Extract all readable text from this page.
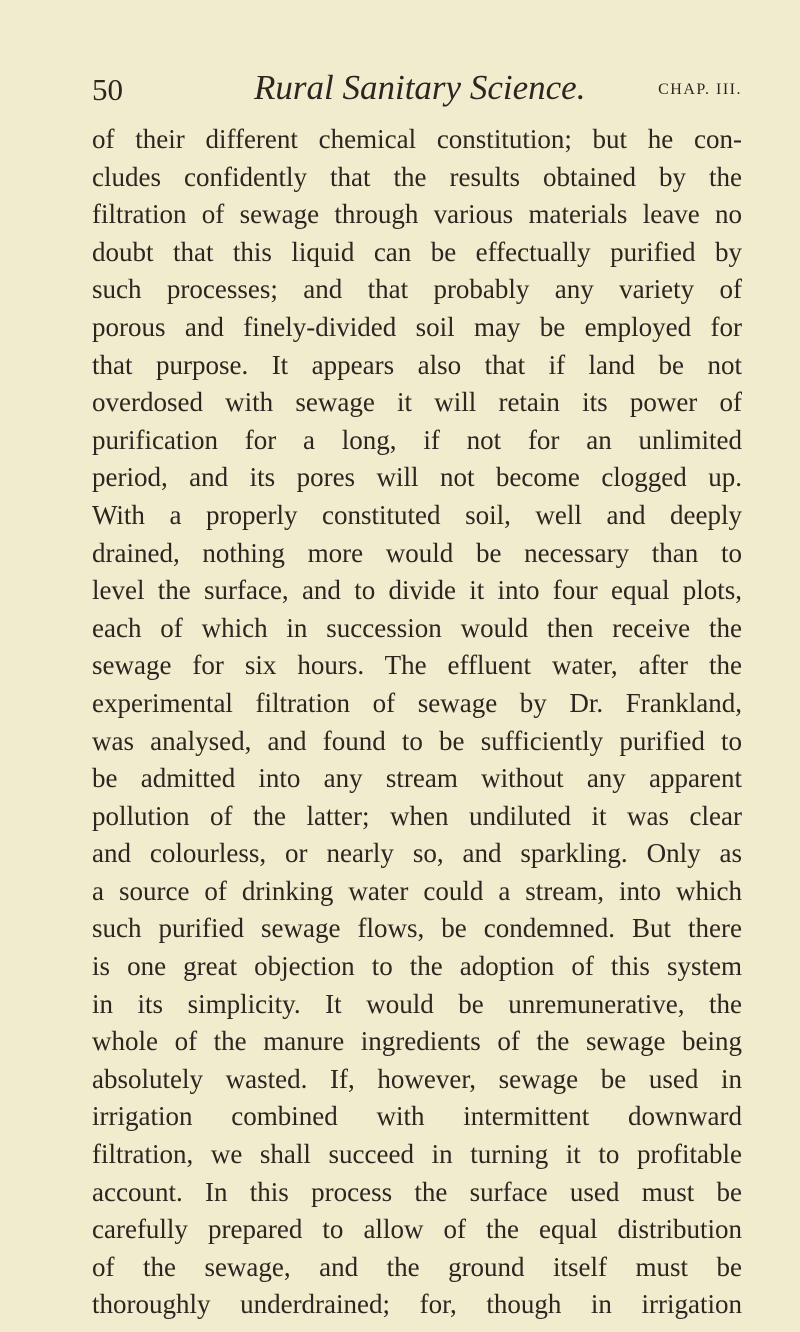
50	Rural Sanitary Science.	CHAP. III.
of their different chemical constitution; but he con-
cludes confidently that the results obtained by the
filtration of sewage through various materials leave no
doubt that this liquid can be effectually purified by
such processes; and that probably any variety of
porous and finely-divided soil may be employed for
that purpose. It appears also that if land be not
overdosed with sewage it will retain its power of
purification for a long, if not for an unlimited
period, and its pores will not become clogged up.
With a properly constituted soil, well and deeply
drained, nothing more would be necessary than to
level the surface, and to divide it into four equal plots,
each of which in succession would then receive the
sewage for six hours. The effluent water, after the
experimental filtration of sewage by Dr. Frankland,
was analysed, and found to be sufficiently purified to
be admitted into any stream without any apparent
pollution of the latter; when undiluted it was clear
and colourless, or nearly so, and sparkling. Only as
a source of drinking water could a stream, into which
such purified sewage flows, be condemned. But there
is one great objection to the adoption of this system
in its simplicity. It would be unremunerative, the
whole of the manure ingredients of the sewage being
absolutely wasted. If, however, sewage be used in
irrigation combined with intermittent downward
filtration, we shall succeed in turning it to profitable
account. In this process the surface used must be
carefully prepared to allow of the equal distribution
of the sewage, and the ground itself must be
thoroughly underdrained; for, though in irrigation
